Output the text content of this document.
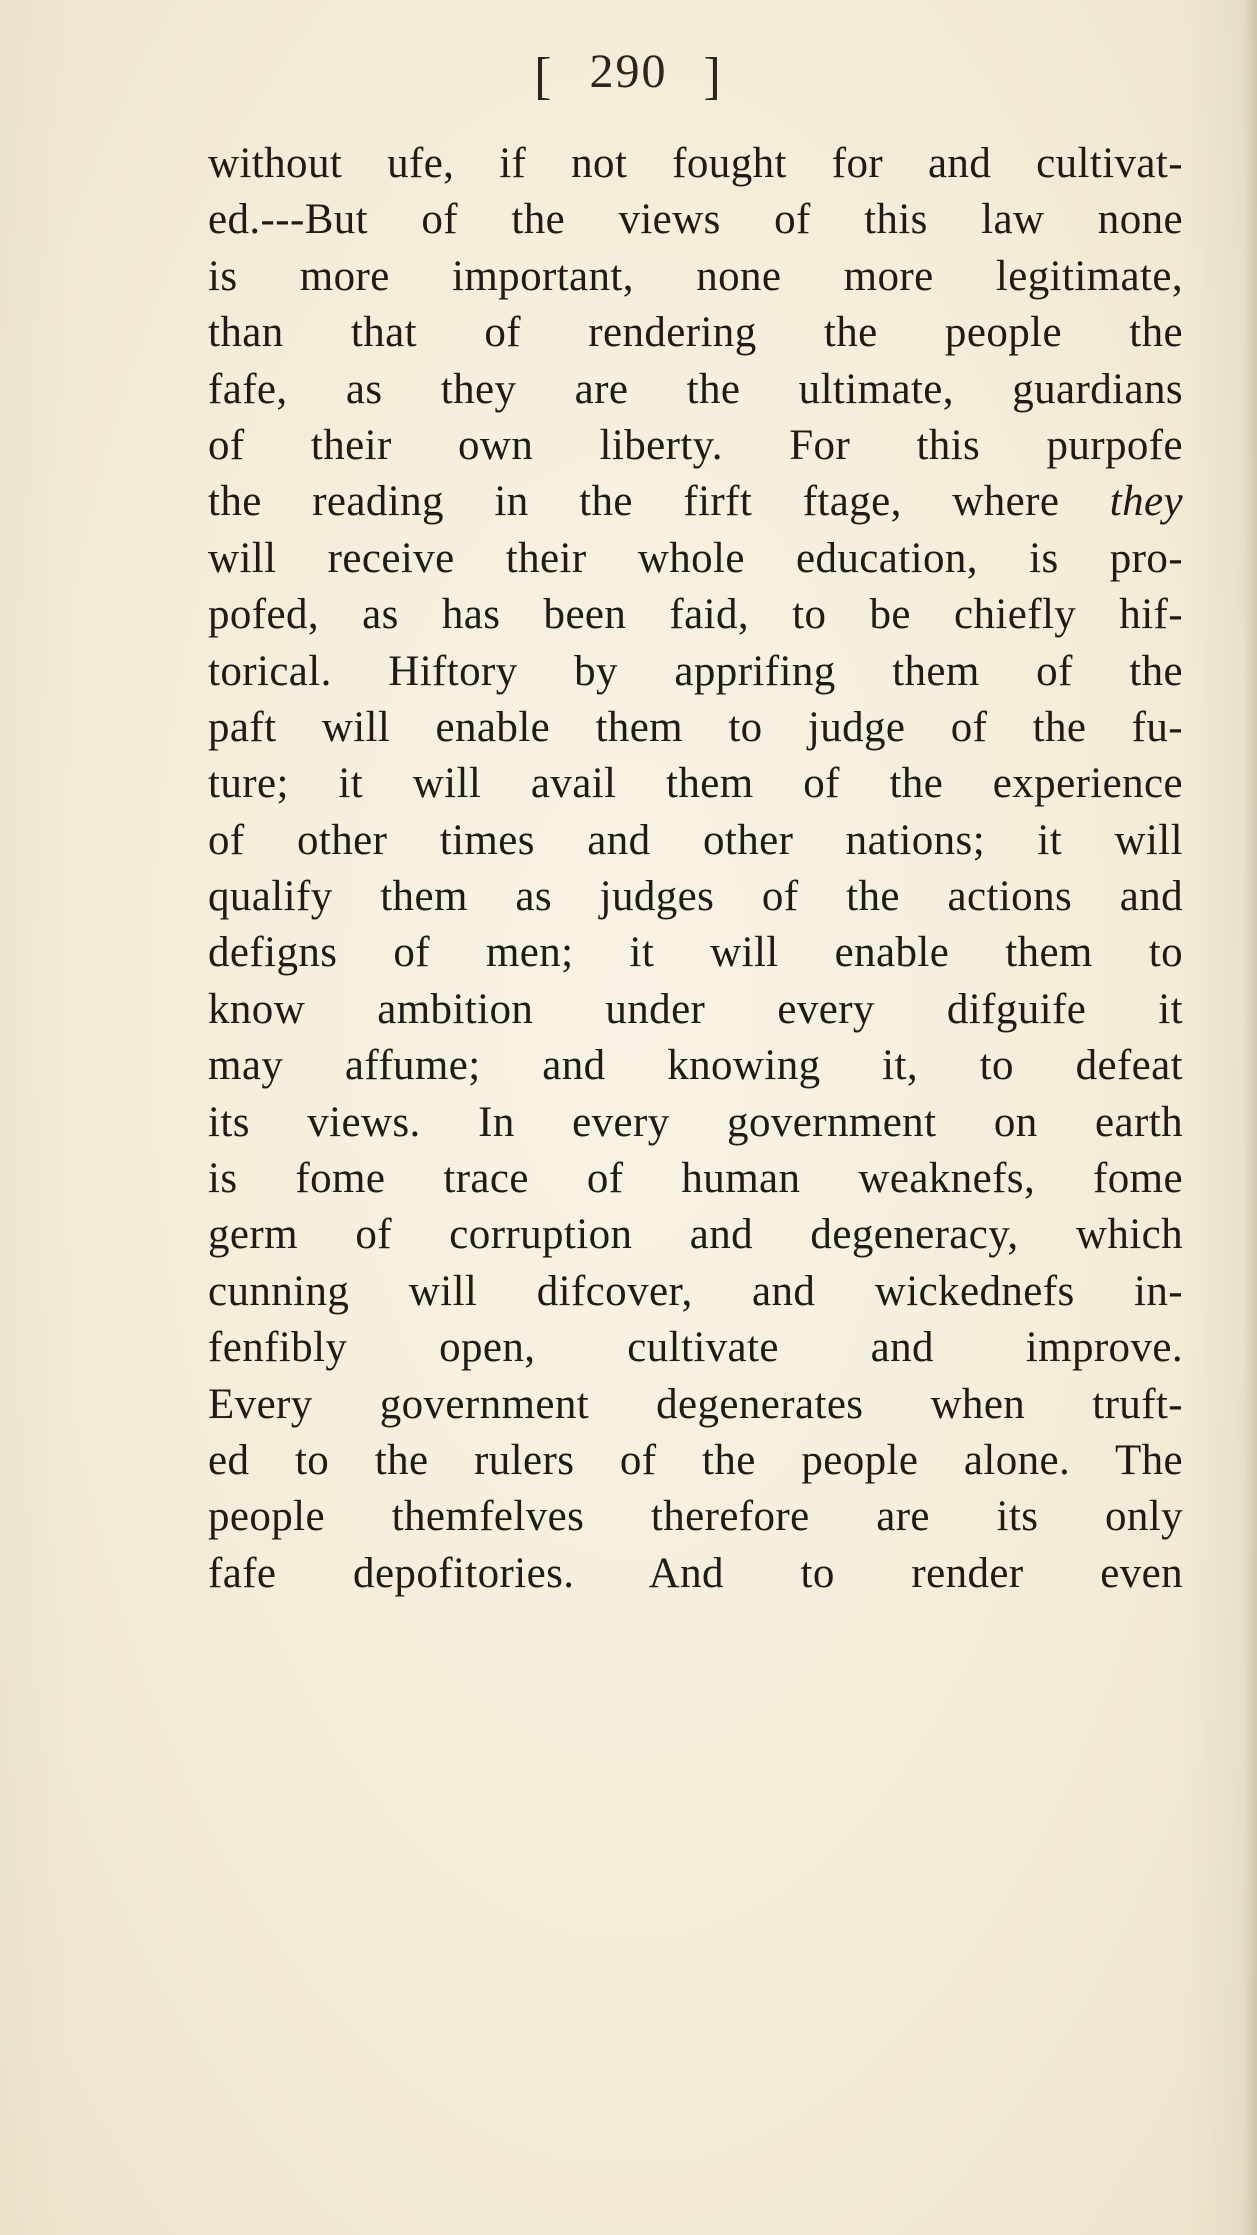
[ 290 ]
without ufe, if not fought for and cultivat-
ed.---But of the views of this law none
is more important, none more legitimate,
than that of rendering the people the
fafe, as they are the ultimate, guardians
of their own liberty. For this purpofe
the reading in the firft ftage, where they
will receive their whole education, is pro-
pofed, as has been faid, to be chiefly hif-
torical. Hiftory by apprifing them of the
paft will enable them to judge of the fu-
ture; it will avail them of the experience
of other times and other nations; it will
qualify them as judges of the actions and
defigns of men; it will enable them to
know ambition under every difguife it
may affume; and knowing it, to defeat
its views. In every government on earth
is fome trace of human weaknefs, fome
germ of corruption and degeneracy, which
cunning will difcover, and wickednefs in-
fenfibly open, cultivate and improve.
Every government degenerates when truft-
ed to the rulers of the people alone. The
people themfelves therefore are its only
fafe depofitories. And to render even
